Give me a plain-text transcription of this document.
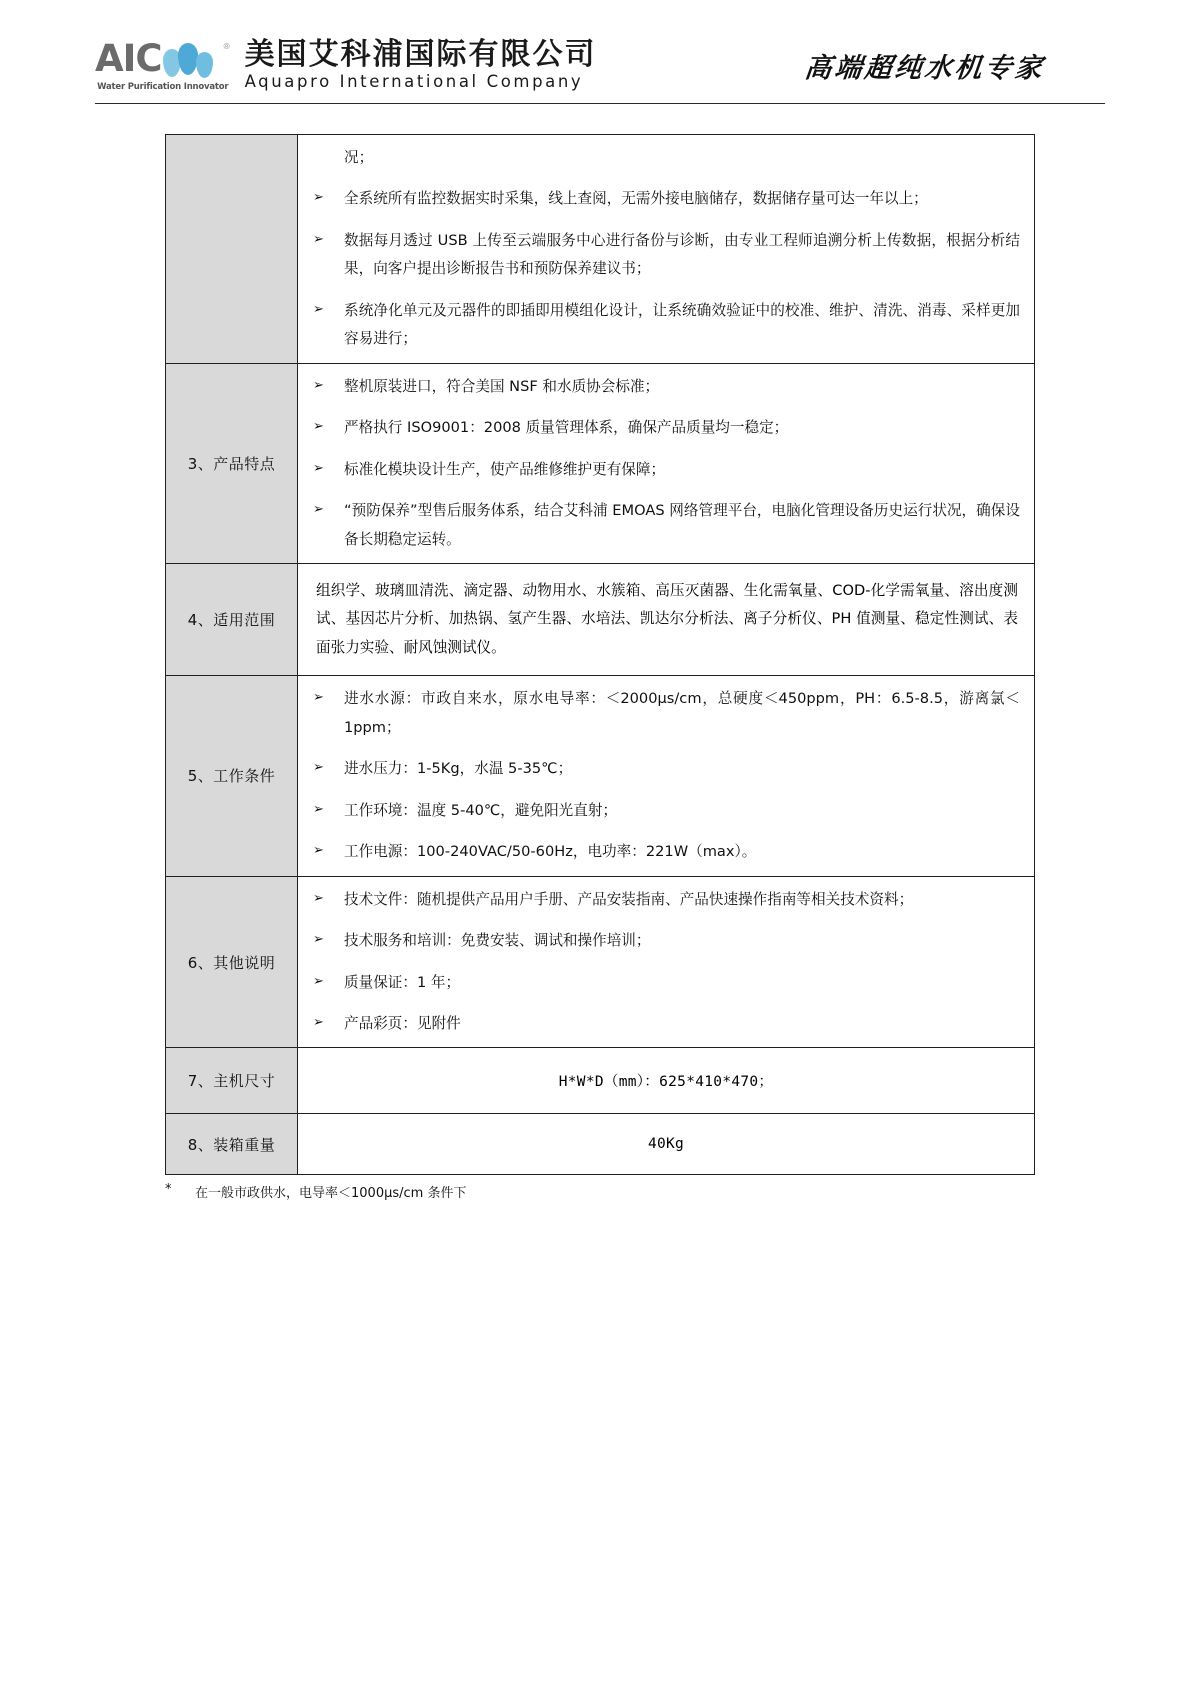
AIC	®
Water Purification Innovator
美国艾科浦国际有限公司
Aquapro International Company	高端超纯水机专家

况；
➢	全系统所有监控数据实时采集，线上查阅，无需外接电脑储存，数据储存量可达一年以上；
➢	数据每月透过 USB 上传至云端服务中心进行备份与诊断，由专业工程师追溯分析上传数据，根据分析结果，向客户提出诊断报告书和预防保养建议书；
➢	系统净化单元及元器件的即插即用模组化设计，让系统确效验证中的校准、维护、清洗、消毒、采样更加容易进行；

3、产品特点	
➢	整机原装进口，符合美国 NSF 和水质协会标准；
➢	严格执行 ISO9001：2008 质量管理体系，确保产品质量均一稳定；
➢	标准化模块设计生产，使产品维修维护更有保障；
➢	“预防保养”型售后服务体系，结合艾科浦 EMOAS 网络管理平台，电脑化管理设备历史运行状况，确保设备长期稳定运转。

4、适用范围	组织学、玻璃皿清洗、滴定器、动物用水、水簇箱、高压灭菌器、生化需氧量、COD-化学需氧量、溶出度测试、基因芯片分析、加热锅、氢产生器、水培法、凯达尔分析法、离子分析仪、PH 值测量、稳定性测试、表面张力实验、耐风蚀测试仪。

5、工作条件	
➢	进水水源：市政自来水，原水电导率：＜2000μs/cm，总硬度＜450ppm，PH：6.5-8.5，游离氯＜1ppm；
➢	进水压力：1-5Kg，水温 5-35℃；
➢	工作环境：温度 5-40℃，避免阳光直射；
➢	工作电源：100-240VAC/50-60Hz，电功率：221W（max）。

6、其他说明	
➢	技术文件：随机提供产品用户手册、产品安装指南、产品快速操作指南等相关技术资料；
➢	技术服务和培训：免费安装、调试和操作培训；
➢	质量保证：1 年；
➢	产品彩页：见附件

7、主机尺寸	H*W*D（mm）：625*410*470；
8、装箱重量	40Kg
*	在一般市政供水，电导率＜1000μs/cm 条件下
